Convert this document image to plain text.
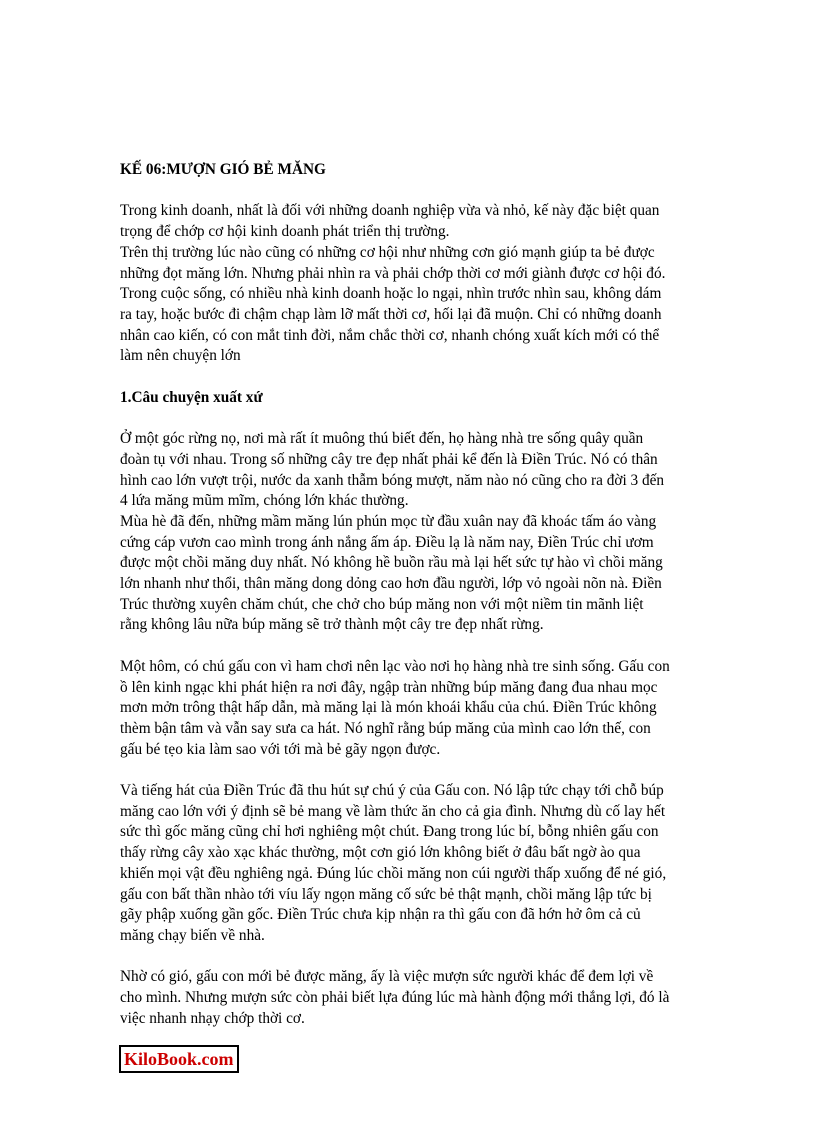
KẾ 06:MƯỢN GIÓ BẺ MĂNG
Trong kinh doanh, nhất là đối với những doanh nghiệp vừa và nhỏ, kế này đặc biệt quan
trọng để chớp cơ hội kinh doanh phát triển thị trường.
Trên thị trường lúc nào cũng có những cơ hội như những cơn gió mạnh giúp ta bẻ được
những đọt măng lớn. Nhưng phải nhìn ra và phải chớp thời cơ mới giành được cơ hội đó.
Trong cuộc sống, có nhiều nhà kinh doanh hoặc lo ngại, nhìn trước nhìn sau, không dám
ra tay, hoặc bước đi chậm chạp làm lỡ mất thời cơ, hối lại đã muộn. Chỉ có những doanh
nhân cao kiến, có con mắt tinh đời, nắm chắc thời cơ, nhanh chóng xuất kích mới có thể
làm nên chuyện lớn
1.Câu chuyện xuất xứ
Ở một góc rừng nọ, nơi mà rất ít muông thú biết đến, họ hàng nhà tre sống quây quần
đoàn tụ với nhau. Trong số những cây tre đẹp nhất phải kể đến là Điền Trúc. Nó có thân
hình cao lớn vượt trội, nước da xanh thẫm bóng mượt, năm nào nó cũng cho ra đời 3 đến
4 lứa măng mũm mĩm, chóng lớn khác thường.
Mùa hè đã đến, những mầm măng lún phún mọc từ đầu xuân nay đã khoác tấm áo vàng
cứng cáp vươn cao mình trong ánh nắng ấm áp. Điều lạ là năm nay, Điền Trúc chỉ ươm
được một chồi măng duy nhất. Nó không hề buồn rầu mà lại hết sức tự hào vì chồi măng
lớn nhanh như thổi, thân măng dong dỏng cao hơn đầu người, lớp vỏ ngoài nõn nà. Điền
Trúc thường xuyên chăm chút, che chở cho búp măng non với một niềm tin mãnh liệt
rằng không lâu nữa búp măng sẽ trở thành một cây tre đẹp nhất rừng.
Một hôm, có chú gấu con vì ham chơi nên lạc vào nơi họ hàng nhà tre sinh sống. Gấu con
ồ lên kinh ngạc khi phát hiện ra nơi đây, ngập tràn những búp măng đang đua nhau mọc
mơn mởn trông thật hấp dẫn, mà măng lại là món khoái khẩu của chú. Điền Trúc không
thèm bận tâm và vẫn say sưa ca hát. Nó nghĩ rằng búp măng của mình cao lớn thế, con
gấu bé tẹo kia làm sao với tới mà bẻ gãy ngọn được.
Và tiếng hát của Điền Trúc đã thu hút sự chú ý của Gấu con. Nó lập tức chạy tới chỗ búp
măng cao lớn với ý định sẽ bẻ mang về làm thức ăn cho cả gia đình. Nhưng dù cố lay hết
sức thì gốc măng cũng chỉ hơi nghiêng một chút. Đang trong lúc bí, bỗng nhiên gấu con
thấy rừng cây xào xạc khác thường, một cơn gió lớn không biết ở đâu bất ngờ ào qua
khiến mọi vật đều nghiêng ngả. Đúng lúc chồi măng non cúi người thấp xuống để né gió,
gấu con bất thần nhào tới víu lấy ngọn măng cố sức bẻ thật mạnh, chồi măng lập tức bị
gãy phập xuống gần gốc. Điền Trúc chưa kịp nhận ra thì gấu con đã hớn hở ôm cả củ
măng chạy biến về nhà.
Nhờ có gió, gấu con mới bẻ được măng, ấy là việc mượn sức người khác để đem lợi về
cho mình. Nhưng mượn sức còn phải biết lựa đúng lúc mà hành động mới thắng lợi, đó là
việc nhanh nhạy chớp thời cơ.
KiloBook.com
